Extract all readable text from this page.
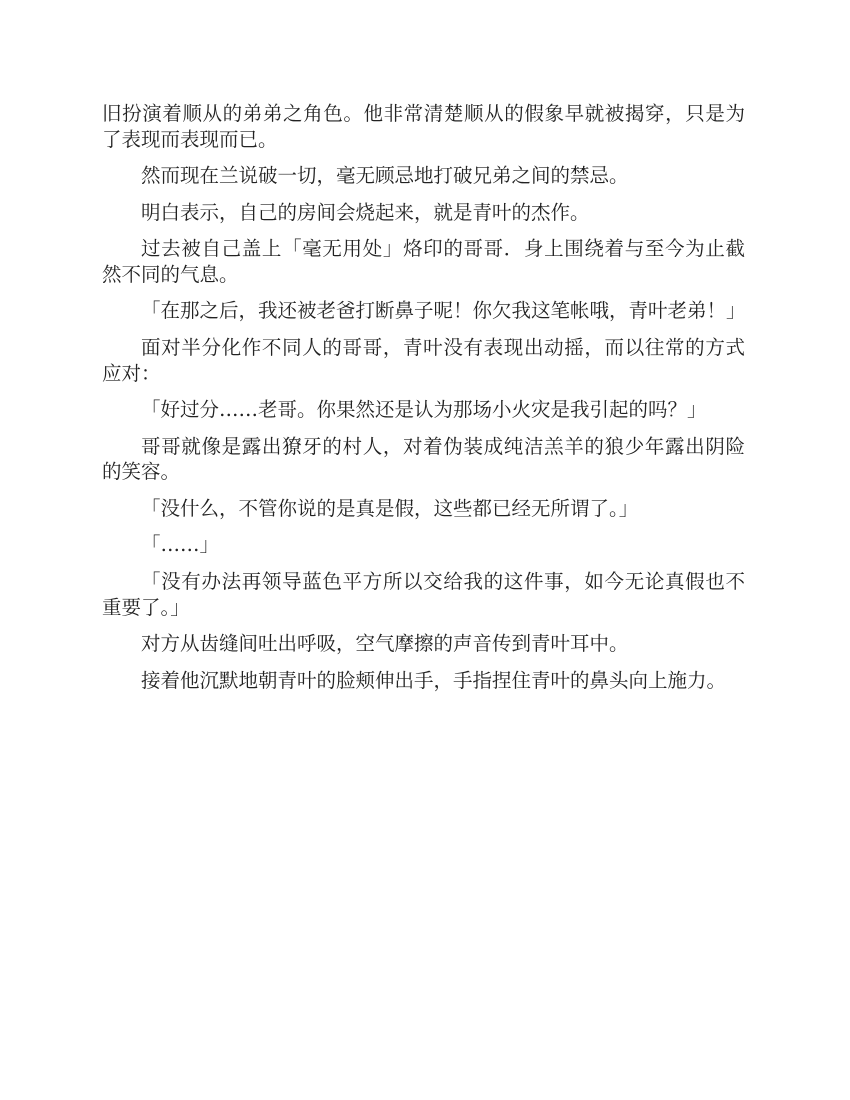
旧扮演着顺从的弟弟之角色。他非常清楚顺从的假象早就被揭穿，只是为了表现而表现而已。

然而现在兰说破一切，毫无顾忌地打破兄弟之间的禁忌。

明白表示，自己的房间会烧起来，就是青叶的杰作。

过去被自己盖上「毫无用处」烙印的哥哥．身上围绕着与至今为止截然不同的气息。

「在那之后，我还被老爸打断鼻子呢！你欠我这笔帐哦，青叶老弟！」

面对半分化作不同人的哥哥，青叶没有表现出动摇，而以往常的方式应对：

「好过分……老哥。你果然还是认为那场小火灾是我引起的吗？」

哥哥就像是露出獠牙的村人，对着伪装成纯洁羔羊的狼少年露出阴险的笑容。

「没什么，不管你说的是真是假，这些都已经无所谓了。」

「……」

「没有办法再领导蓝色平方所以交给我的这件事，如今无论真假也不重要了。」

对方从齿缝间吐出呼吸，空气摩擦的声音传到青叶耳中。

接着他沉默地朝青叶的脸颊伸出手，手指捏住青叶的鼻头向上施力。
